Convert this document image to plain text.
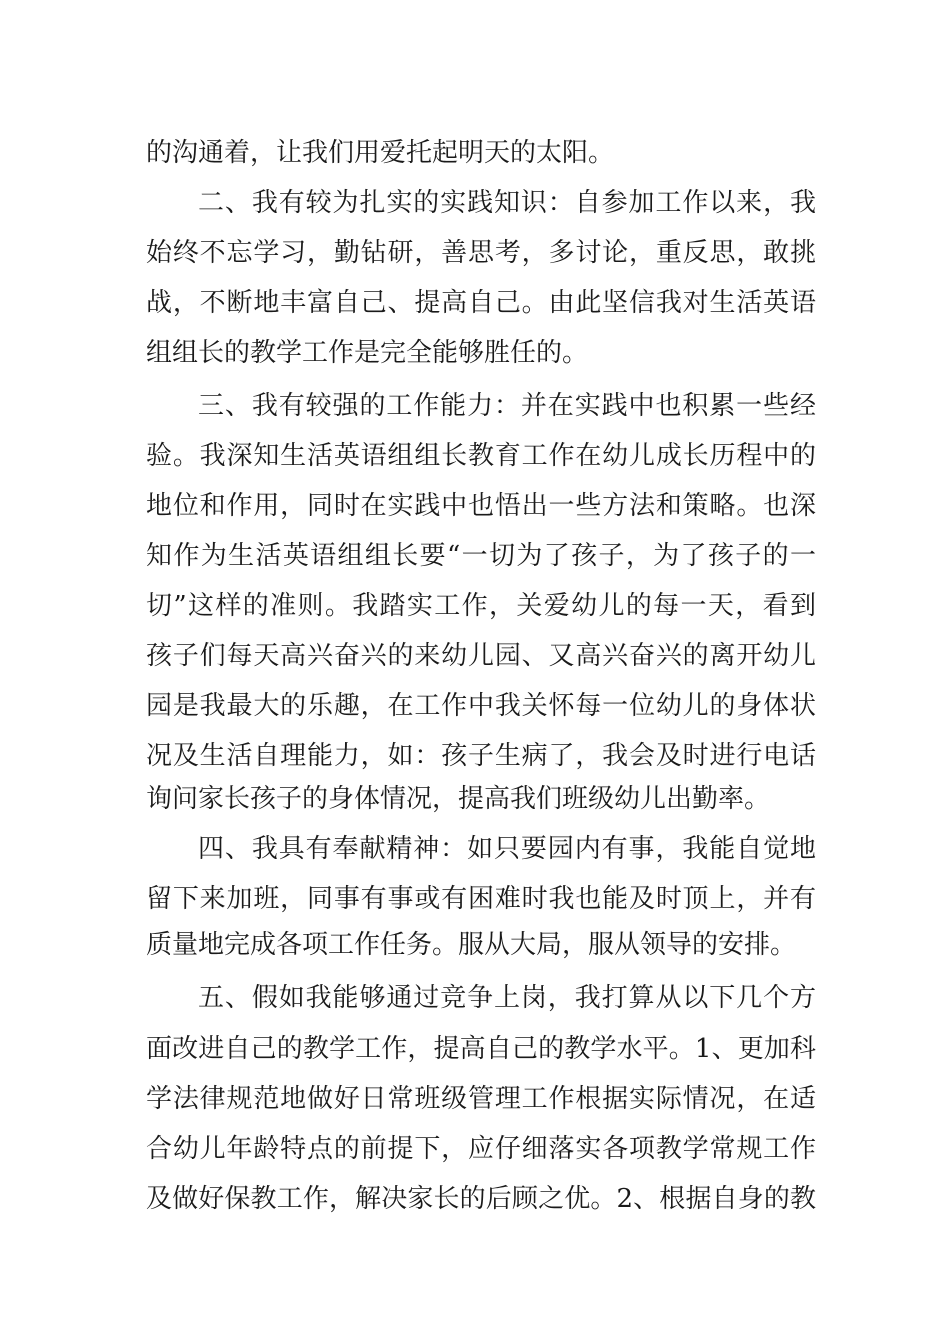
的沟通着，让我们用爱托起明天的太阳。
二、我有较为扎实的实践知识：自参加工作以来，我
始终不忘学习，勤钻研，善思考，多讨论，重反思，敢挑
战，不断地丰富自己、提高自己。由此坚信我对生活英语
组组长的教学工作是完全能够胜任的。
三、我有较强的工作能力：并在实践中也积累一些经
验。我深知生活英语组组长教育工作在幼儿成长历程中的
地位和作用，同时在实践中也悟出一些方法和策略。也深
知作为生活英语组组长要“一切为了孩子，为了孩子的一
切”这样的准则。我踏实工作，关爱幼儿的每一天，看到
孩子们每天高兴奋兴的来幼儿园、又高兴奋兴的离开幼儿
园是我最大的乐趣，在工作中我关怀每一位幼儿的身体状
况及生活自理能力，如：孩子生病了，我会及时进行电话
询问家长孩子的身体情况，提高我们班级幼儿出勤率。
四、我具有奉献精神：如只要园内有事，我能自觉地
留下来加班，同事有事或有困难时我也能及时顶上，并有
质量地完成各项工作任务。服从大局，服从领导的安排。
五、假如我能够通过竞争上岗，我打算从以下几个方
面改进自己的教学工作，提高自己的教学水平。1、更加科
学法律规范地做好日常班级管理工作根据实际情况，在适
合幼儿年龄特点的前提下，应仔细落实各项教学常规工作
及做好保教工作，解决家长的后顾之优。2、根据自身的教
